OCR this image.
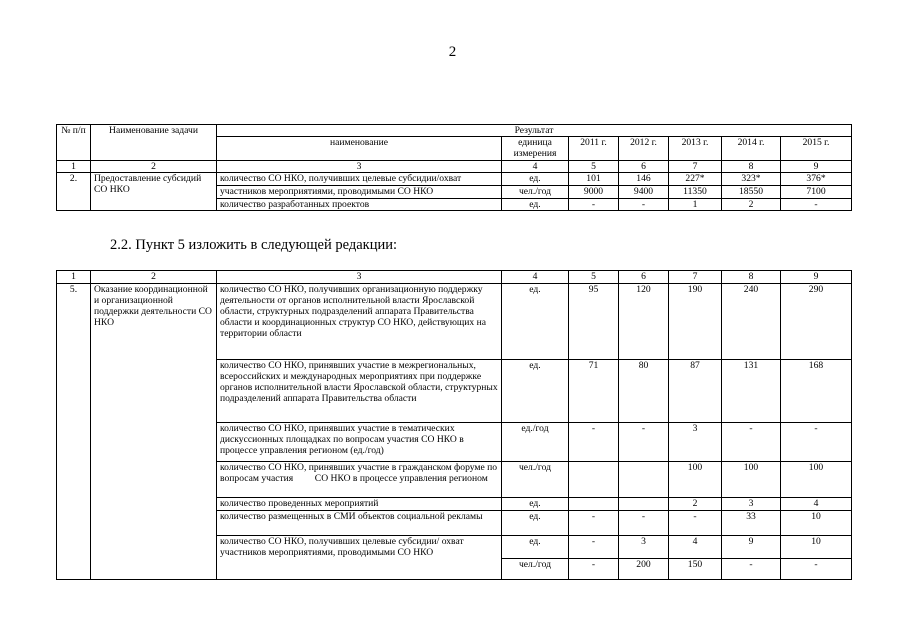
2
№ п/п	Наименование задачи	Результат						
		наименование	единица измерения	2011 г.	2012 г.	2013 г.	2014 г.	2015 г.
1	2	3	4	5	6	7	8	9
2.	Предоставление субсидий СО НКО	количество СО НКО, получивших целевые субсидии/охват	ед.	101	146	227*	323*	376*
		участников мероприятиями, проводимыми СО НКО	чел./год	9000	9400	11350	18550	7100
		количество разработанных проектов	ед.	-	-	1	2	-
2.2. Пункт 5 изложить в следующей редакции:
1	2	3	4	5	6	7	8	9
5.	Оказание координационной и организационной поддержки деятельности СО НКО	количество СО НКО, получивших организационную поддержку деятельности от органов исполнительной власти Ярославской области, структурных подразделений аппарата Правительства области и координационных структур СО НКО, действующих на территории области	ед.	95	120	190	240	290
		количество СО НКО, принявших участие в межрегиональных, всероссийских и международных мероприятиях при поддержке органов исполнительной власти Ярославской области, структурных подразделений аппарата Правительства области	ед.	71	80	87	131	168
		количество СО НКО, принявших участие в тематических дискуссионных площадках по вопросам участия СО НКО в процессе управления регионом (ед./год)	ед./год	-	-	3	-	-
		количество СО НКО, принявших участие в гражданском форуме по вопросам участия         СО НКО в процессе управления регионом	чел./год			100	100	100
		количество проведенных мероприятий	ед.			2	3	4
		количество размещенных в СМИ объектов социальной рекламы	ед.	-	-	-	33	10
		количество СО НКО, получивших целевые субсидии/ охват участников мероприятиями, проводимыми СО НКО	ед.	-	3	4	9	10
			чел./год	-	200	150	-	-
